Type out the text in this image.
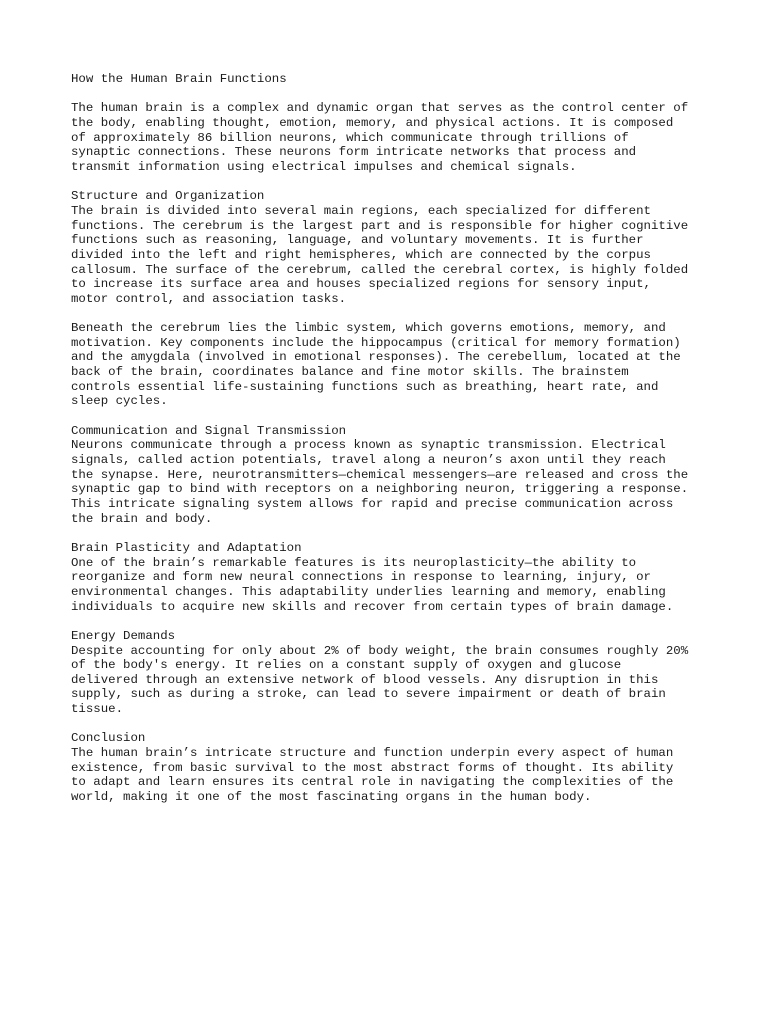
How the Human Brain Functions
The human brain is a complex and dynamic organ that serves as the control center of
the body, enabling thought, emotion, memory, and physical actions. It is composed
of approximately 86 billion neurons, which communicate through trillions of
synaptic connections. These neurons form intricate networks that process and
transmit information using electrical impulses and chemical signals.
Structure and Organization
The brain is divided into several main regions, each specialized for different
functions. The cerebrum is the largest part and is responsible for higher cognitive
functions such as reasoning, language, and voluntary movements. It is further
divided into the left and right hemispheres, which are connected by the corpus
callosum. The surface of the cerebrum, called the cerebral cortex, is highly folded
to increase its surface area and houses specialized regions for sensory input,
motor control, and association tasks.
Beneath the cerebrum lies the limbic system, which governs emotions, memory, and
motivation. Key components include the hippocampus (critical for memory formation)
and the amygdala (involved in emotional responses). The cerebellum, located at the
back of the brain, coordinates balance and fine motor skills. The brainstem
controls essential life-sustaining functions such as breathing, heart rate, and
sleep cycles.
Communication and Signal Transmission
Neurons communicate through a process known as synaptic transmission. Electrical
signals, called action potentials, travel along a neuron’s axon until they reach
the synapse. Here, neurotransmitters—chemical messengers—are released and cross the
synaptic gap to bind with receptors on a neighboring neuron, triggering a response.
This intricate signaling system allows for rapid and precise communication across
the brain and body.
Brain Plasticity and Adaptation
One of the brain’s remarkable features is its neuroplasticity—the ability to
reorganize and form new neural connections in response to learning, injury, or
environmental changes. This adaptability underlies learning and memory, enabling
individuals to acquire new skills and recover from certain types of brain damage.
Energy Demands
Despite accounting for only about 2% of body weight, the brain consumes roughly 20%
of the body's energy. It relies on a constant supply of oxygen and glucose
delivered through an extensive network of blood vessels. Any disruption in this
supply, such as during a stroke, can lead to severe impairment or death of brain
tissue.
Conclusion
The human brain’s intricate structure and function underpin every aspect of human
existence, from basic survival to the most abstract forms of thought. Its ability
to adapt and learn ensures its central role in navigating the complexities of the
world, making it one of the most fascinating organs in the human body.
